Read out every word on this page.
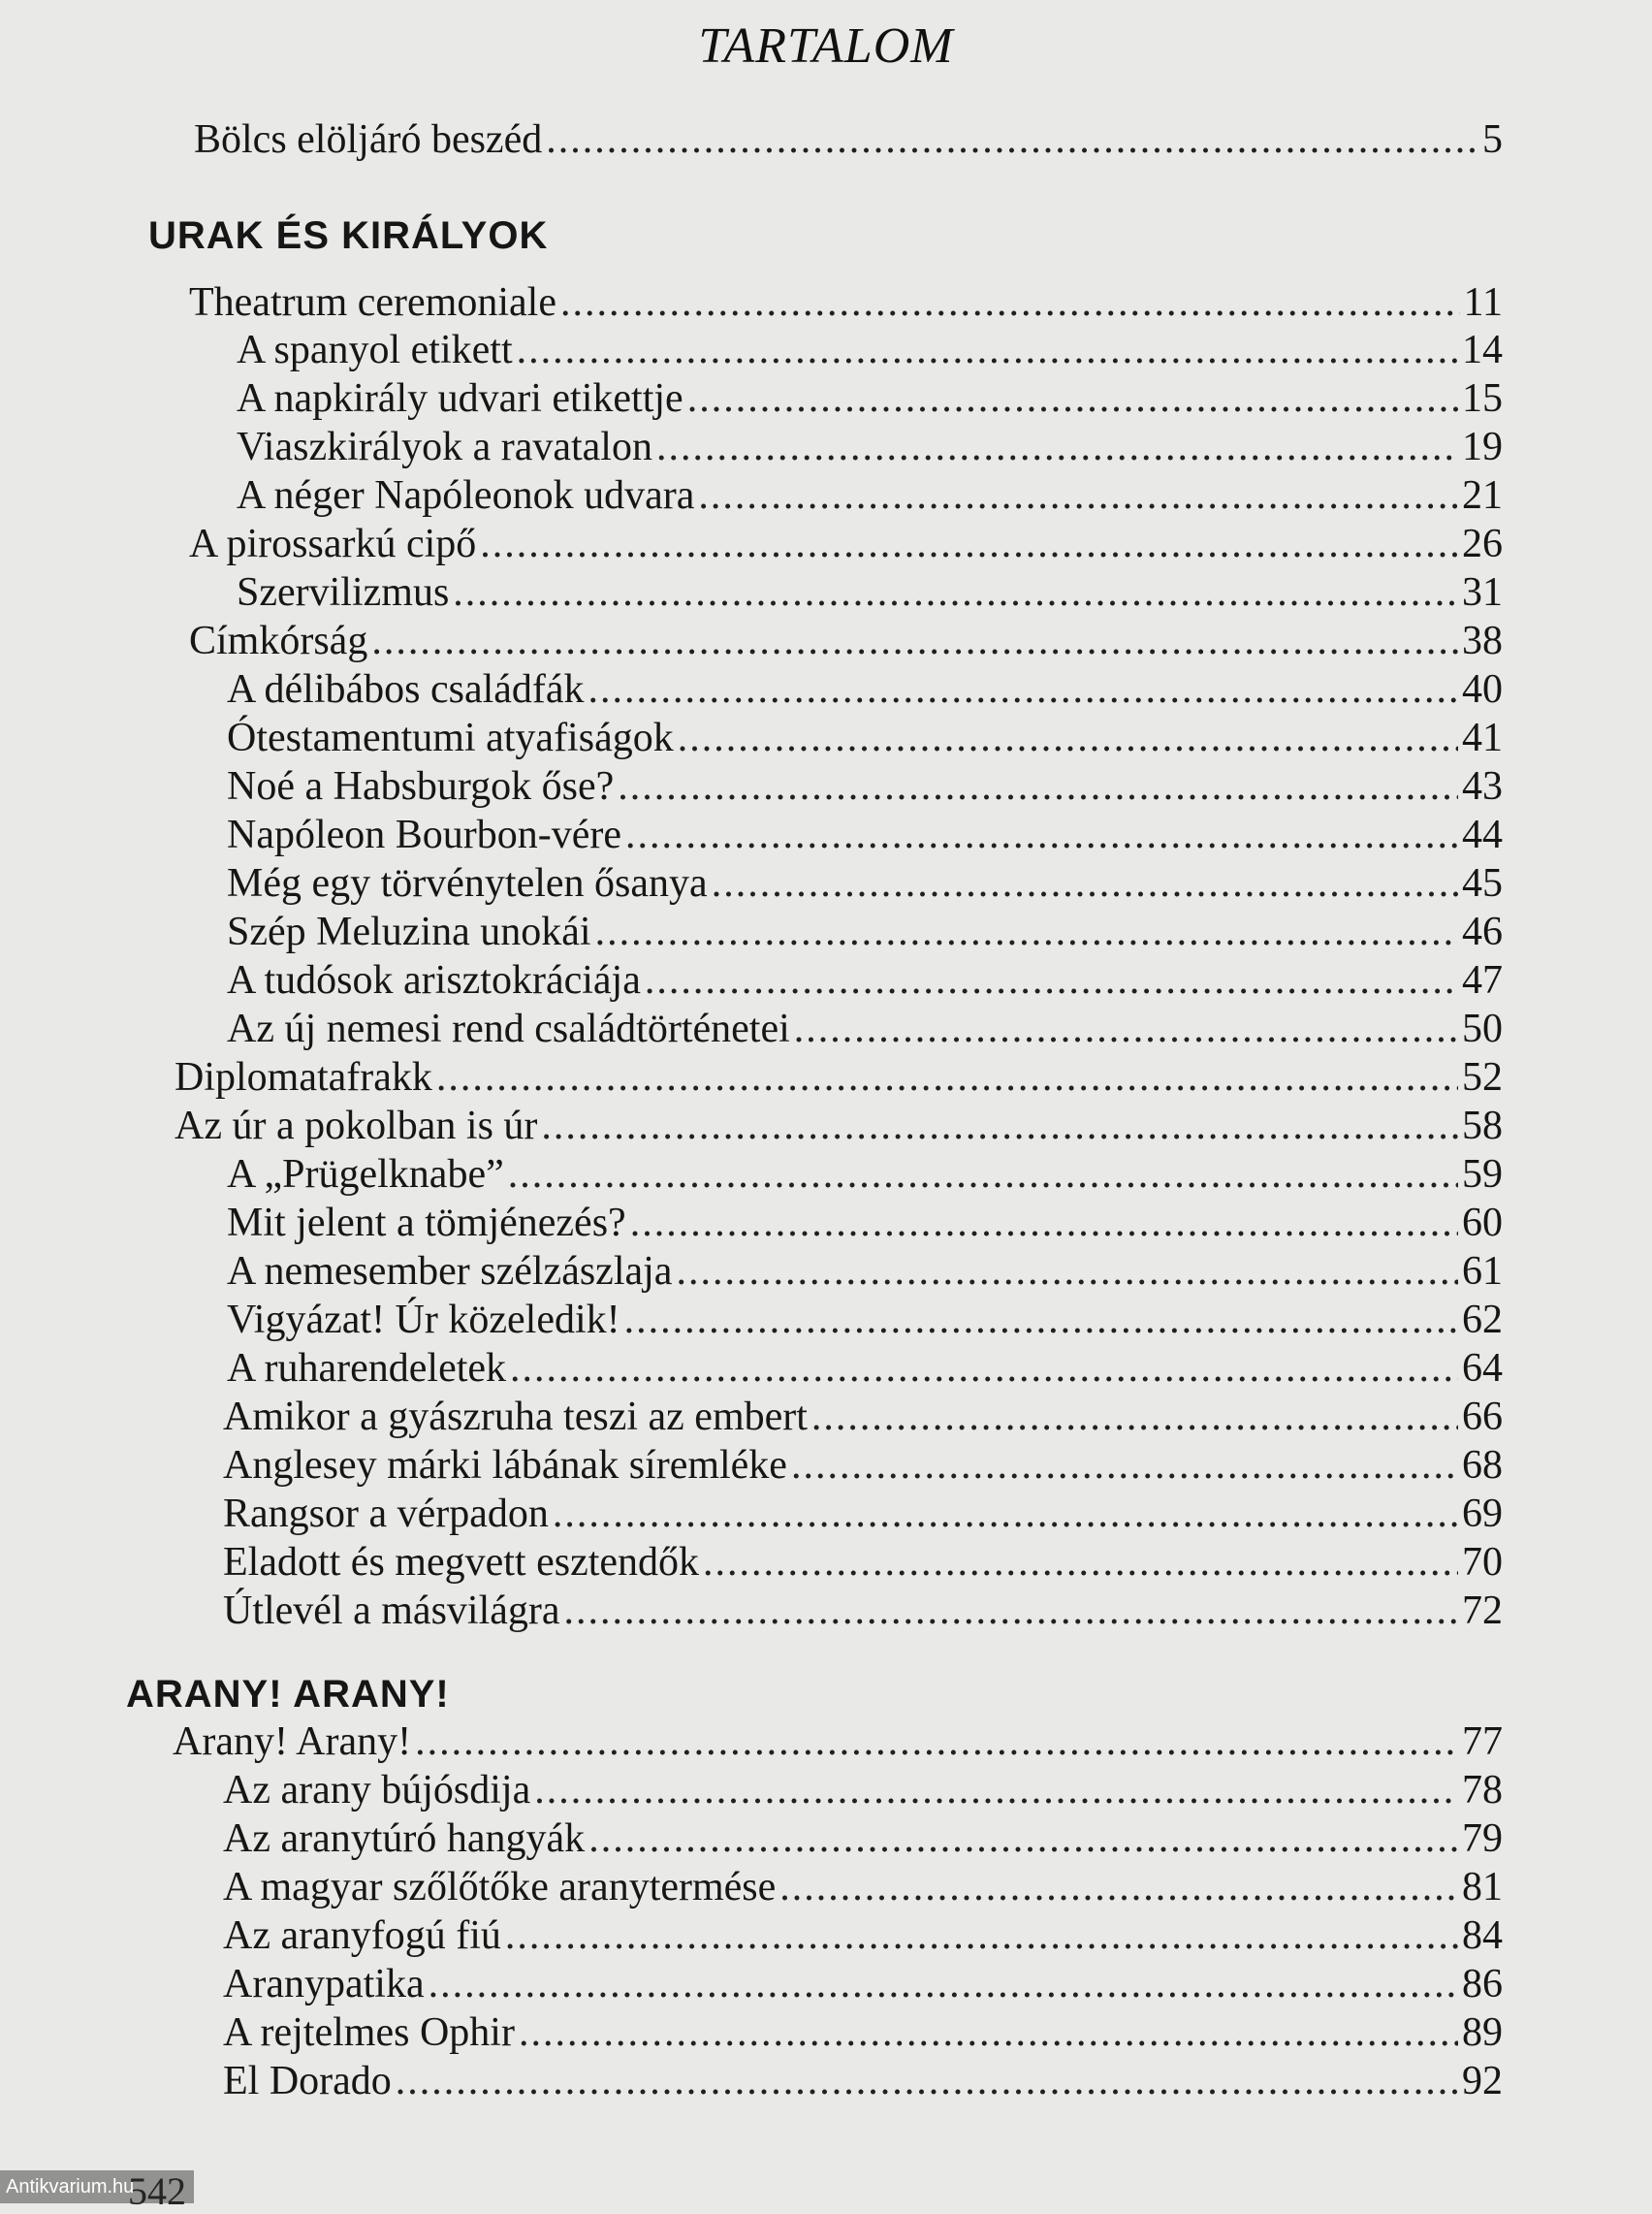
TARTALOM
Bölcs elöljáró beszéd .....	5
URAK ÉS KIRÁLYOK
Theatrum ceremoniale .....	11
A spanyol etikett .....	14
A napkirály udvari etikettje .....	15
Viaszkirályok a ravatalon .....	19
A néger Napóleonok udvara .....	21
A pirossarkú cipő .....	26
Szervilizmus .....	31
Címkórság .....	38
A délibábos családfák .....	40
Ótestamentumi atyafiságok .....	41
Noé a Habsburgok őse? .....	43
Napóleon Bourbon-vére .....	44
Még egy törvénytelen ősanya .....	45
Szép Meluzina unokái .....	46
A tudósok arisztokráciája .....	47
Az új nemesi rend családtörténetei .....	50
Diplomatafrakk .....	52
Az úr a pokolban is úr .....	58
A „Prügelknabe” .....	59
Mit jelent a tömjénezés? .....	60
A nemesember szélzászlaja .....	61
Vigyázat! Úr közeledik! .....	62
A ruharendeletek .....	64
Amikor a gyászruha teszi az embert .....	66
Anglesey márki lábának síremléke .....	68
Rangsor a vérpadon .....	69
Eladott és megvett esztendők .....	70
Útlevél a másvilágra .....	72
ARANY! ARANY!
Arany! Arany! .....	77
Az arany bújósdija .....	78
Az aranytúró hangyák .....	79
A magyar szőlőtőke aranytermése .....	81
Az aranyfogú fiú .....	84
Aranypatika .....	86
A rejtelmes Ophir .....	89
El Dorado .....	92
542
Antikvarium.hu
